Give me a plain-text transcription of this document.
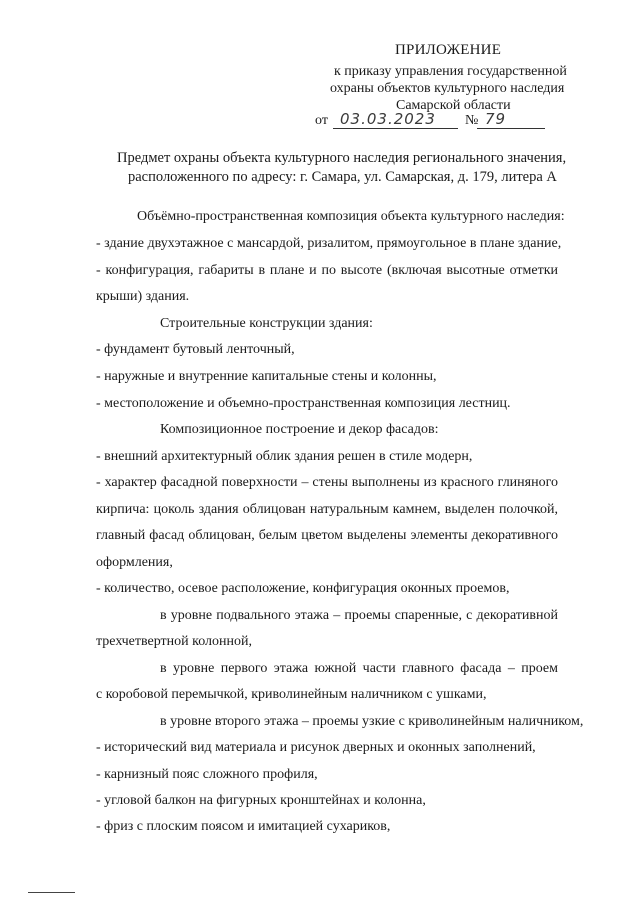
ПРИЛОЖЕНИЕ
к приказу управления государственной
охраны объектов культурного наследия
Самарской области
от 03.03.2023 № 79
Предмет охраны объекта культурного наследия регионального значения,
расположенного по адресу: г. Самара, ул. Самарская, д. 179, литера А
Объёмно-пространственная композиция объекта культурного наследия:
- здание двухэтажное с мансардой, ризалитом, прямоугольное в плане здание,
- конфигурация, габариты в плане и по высоте (включая высотные отметки
крыши) здания.
Строительные конструкции здания:
- фундамент бутовый ленточный,
- наружные и внутренние капитальные стены и колонны,
- местоположение и объемно-пространственная композиция лестниц.
Композиционное построение и декор фасадов:
- внешний архитектурный облик здания решен в стиле модерн,
- характер фасадной поверхности – стены выполнены из красного глиняного
кирпича: цоколь здания облицован натуральным камнем, выделен полочкой,
главный фасад облицован, белым цветом выделены элементы декоративного
оформления,
- количество, осевое расположение, конфигурация оконных проемов,
в уровне подвального этажа – проемы спаренные, с декоративной
трехчетвертной колонной,
в уровне первого этажа южной части главного фасада – проем
с коробовой перемычкой, криволинейным наличником с ушками,
в уровне второго этажа – проемы узкие с криволинейным наличником,
- исторический вид материала и рисунок дверных и оконных заполнений,
- карнизный пояс сложного профиля,
- угловой балкон на фигурных кронштейнах и колонна,
- фриз с плоским поясом и имитацией сухариков,
